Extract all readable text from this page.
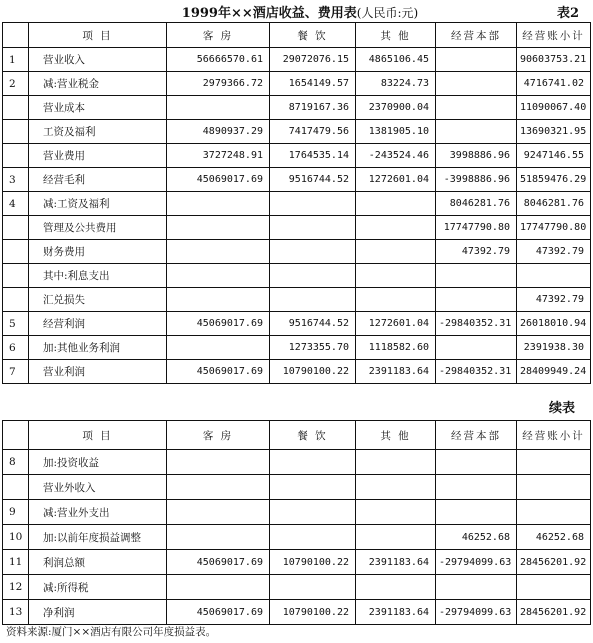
1999年××酒店收益、费用表(人民币:元)	表2
	项 目	客 房	餐 饮	其 他	经营本部	经营账小计
1	营业收入	56666570.61	29072076.15	4865106.45		90603753.21
2	减:营业税金	2979366.72	1654149.57	83224.73		4716741.02
	营业成本		8719167.36	2370900.04		11090067.40
	工资及福利	4890937.29	7417479.56	1381905.10		13690321.95
	营业费用	3727248.91	1764535.14	-243524.46	3998886.96	9247146.55
3	经营毛利	45069017.69	9516744.52	1272601.04	-3998886.96	51859476.29
4	减:工资及福利				8046281.76	8046281.76
	管理及公共费用				17747790.80	17747790.80
	财务费用				47392.79	47392.79
	其中:利息支出					
	汇兑损失					47392.79
5	经营利润	45069017.69	9516744.52	1272601.04	-29840352.31	26018010.94
6	加:其他业务利润		1273355.70	1118582.60		2391938.30
7	营业利润	45069017.69	10790100.22	2391183.64	-29840352.31	28409949.24
续表
	项 目	客 房	餐 饮	其 他	经营本部	经营账小计
8	加:投资收益					
	营业外收入					
9	减:营业外支出					
10	加:以前年度损益调整				46252.68	46252.68
11	利润总额	45069017.69	10790100.22	2391183.64	-29794099.63	28456201.92
12	减:所得税					
13	净利润	45069017.69	10790100.22	2391183.64	-29794099.63	28456201.92
资料来源:厦门××酒店有限公司年度损益表。
